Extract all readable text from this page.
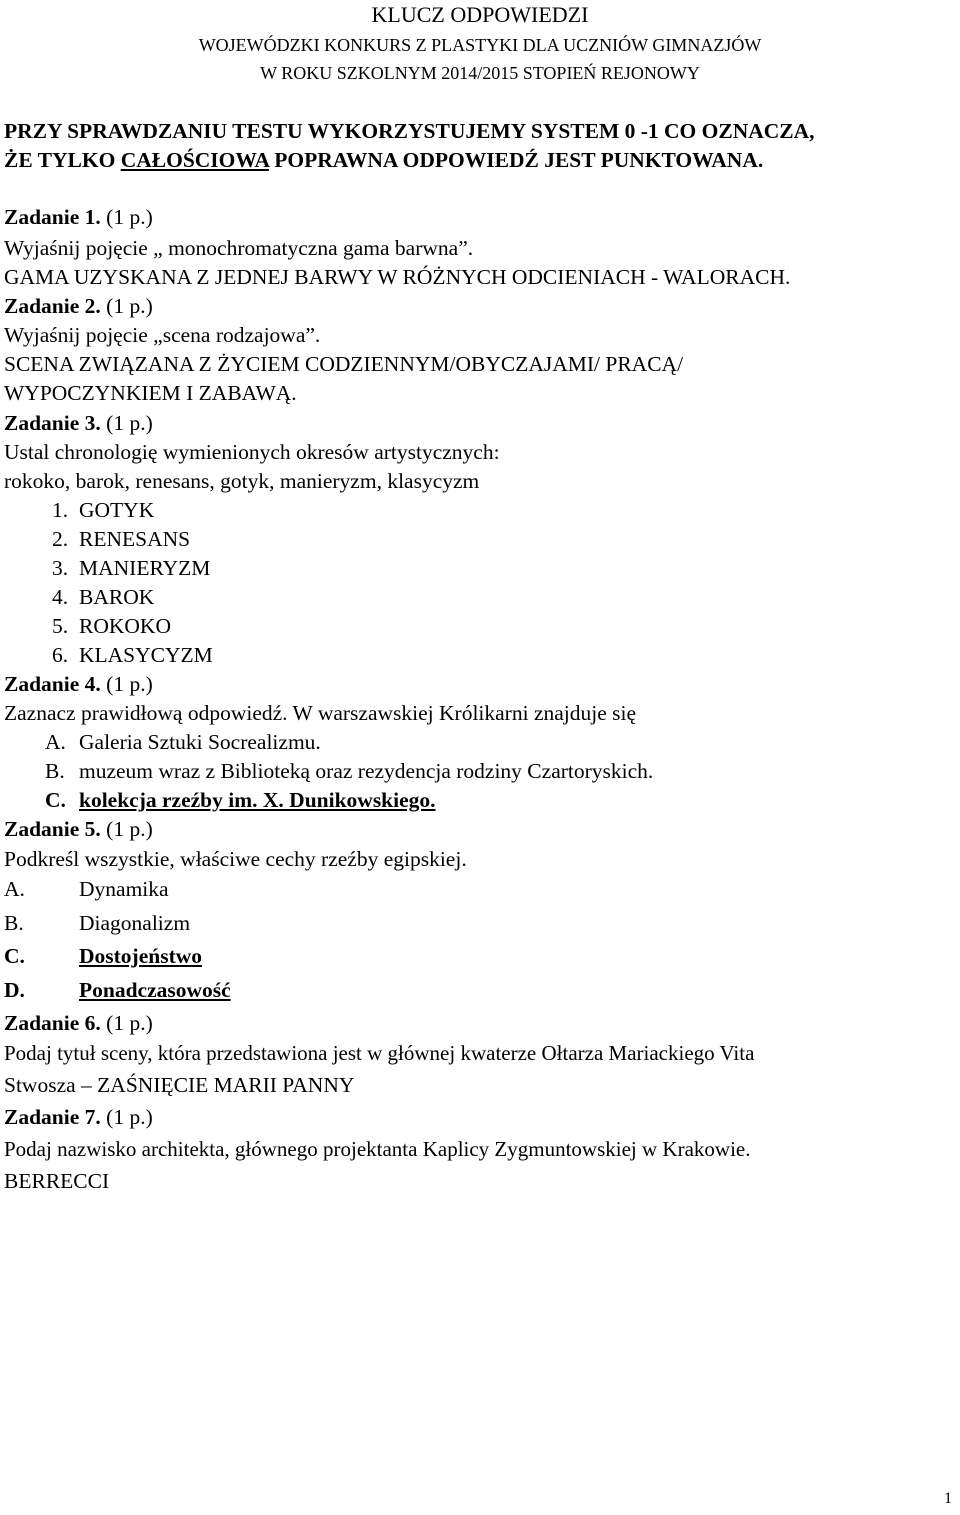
KLUCZ ODPOWIEDZI
WOJEWÓDZKI KONKURS Z PLASTYKI DLA UCZNIÓW GIMNAZJÓW
W ROKU SZKOLNYM 2014/2015 STOPIEŃ REJONOWY
PRZY SPRAWDZANIU TESTU WYKORZYSTUJEMY SYSTEM 0 -1 CO OZNACZA,
ŻE TYLKO CAŁOŚCIOWA POPRAWNA ODPOWIEDŹ JEST PUNKTOWANA.
Zadanie 1. (1 p.)
Wyjaśnij pojęcie „ monochromatyczna gama barwna”.
GAMA UZYSKANA Z JEDNEJ BARWY W RÓŻNYCH ODCIENIACH - WALORACH.
Zadanie 2. (1 p.)
Wyjaśnij pojęcie „scena rodzajowa”.
SCENA ZWIĄZANA Z ŻYCIEM CODZIENNYM/OBYCZAJAMI/ PRACĄ/
WYPOCZYNKIEM I ZABAWĄ.
Zadanie 3. (1 p.)
Ustal chronologię wymienionych okresów artystycznych:
rokoko, barok, renesans, gotyk, manieryzm, klasycyzm
1. GOTYK
2. RENESANS
3. MANIERYZM
4. BAROK
5. ROKOKO
6. KLASYCYZM
Zadanie 4. (1 p.)
Zaznacz prawidłową odpowiedź. W warszawskiej Królikarni znajduje się
A. Galeria Sztuki Socrealizmu.
B. muzeum wraz z Biblioteką oraz rezydencja rodziny Czartoryskich.
C. kolekcja rzeźby im. X. Dunikowskiego.
Zadanie 5. (1 p.)
Podkreśl wszystkie, właściwe cechy rzeźby egipskiej.
A.	Dynamika
B.	Diagonalizm
C.	Dostojeństwo
D.	Ponadczasowość
Zadanie 6. (1 p.)
Podaj tytuł sceny, która przedstawiona jest w głównej kwaterze Ołtarza Mariackiego Vita
Stwosza – ZAŚNIĘCIE MARII PANNY
Zadanie 7. (1 p.)
Podaj nazwisko architekta, głównego projektanta Kaplicy Zygmuntowskiej w Krakowie.
BERRECCI
1
